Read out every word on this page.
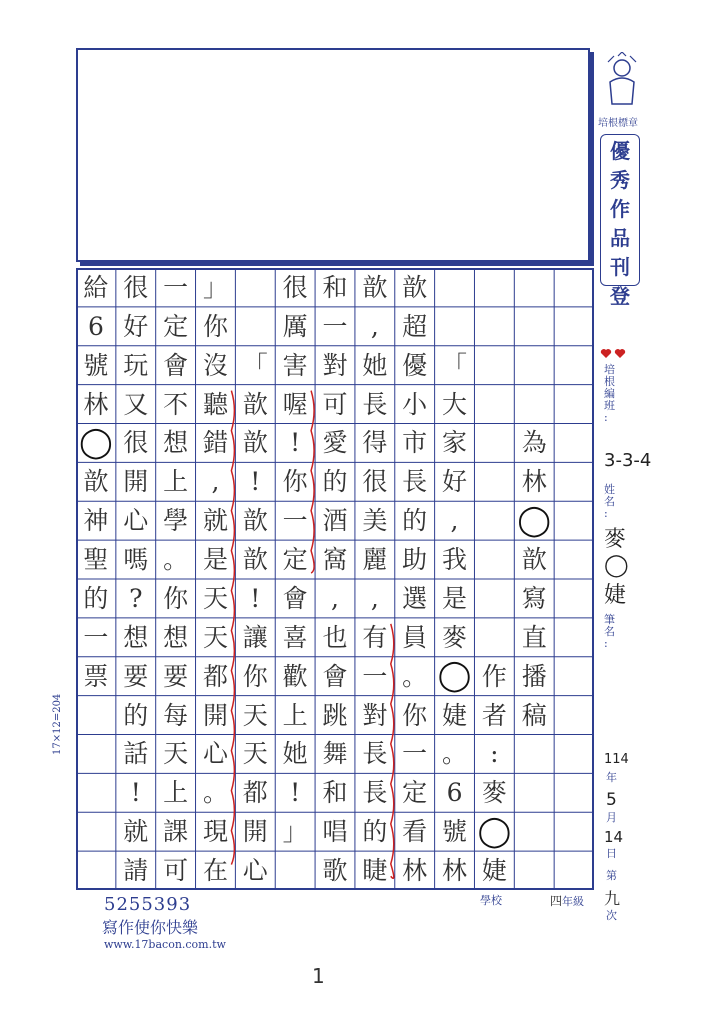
為
林
◯
歆
寫
直
播
稿
作
者
:
麥
◯
婕
「
大
家
好
,
我
是
麥
◯
婕
。
6
號
林
歆
超
優
小
市
長
的
助
選
員
。
你
一
定
看
林
歆
,
她
長
得
很
美
麗
,
有
一
對
長
長
的
睫
和
一
對
可
愛
的
酒
窩
,
也
會
跳
舞
和
唱
歌
很
厲
害
喔
!
你
一
定
會
喜
歡
上
她
!
」
「
歆
歆
!
歆
歆
!
讓
你
天
天
都
開
心
」
你
沒
聽
錯
,
就
是
天
天
都
開
心
。
現
在
一
定
會
不
想
上
學
。
你
想
要
每
天
上
課
可
很
好
玩
又
很
開
心
嗎
?
想
要
的
話
!
就
請
給
6
號
林
◯
歆
神
聖
的
一
票
培根標章
優
秀
作
品
刊
登
培
根
編
班
:
3-3-4
姓
名
:
麥
◯
婕
筆
名
:
114
年
5
月
14
日
第
九
次
17×12=204
學校	四年級
5255393
寫作使你快樂
www.17bacon.com.tw
1
